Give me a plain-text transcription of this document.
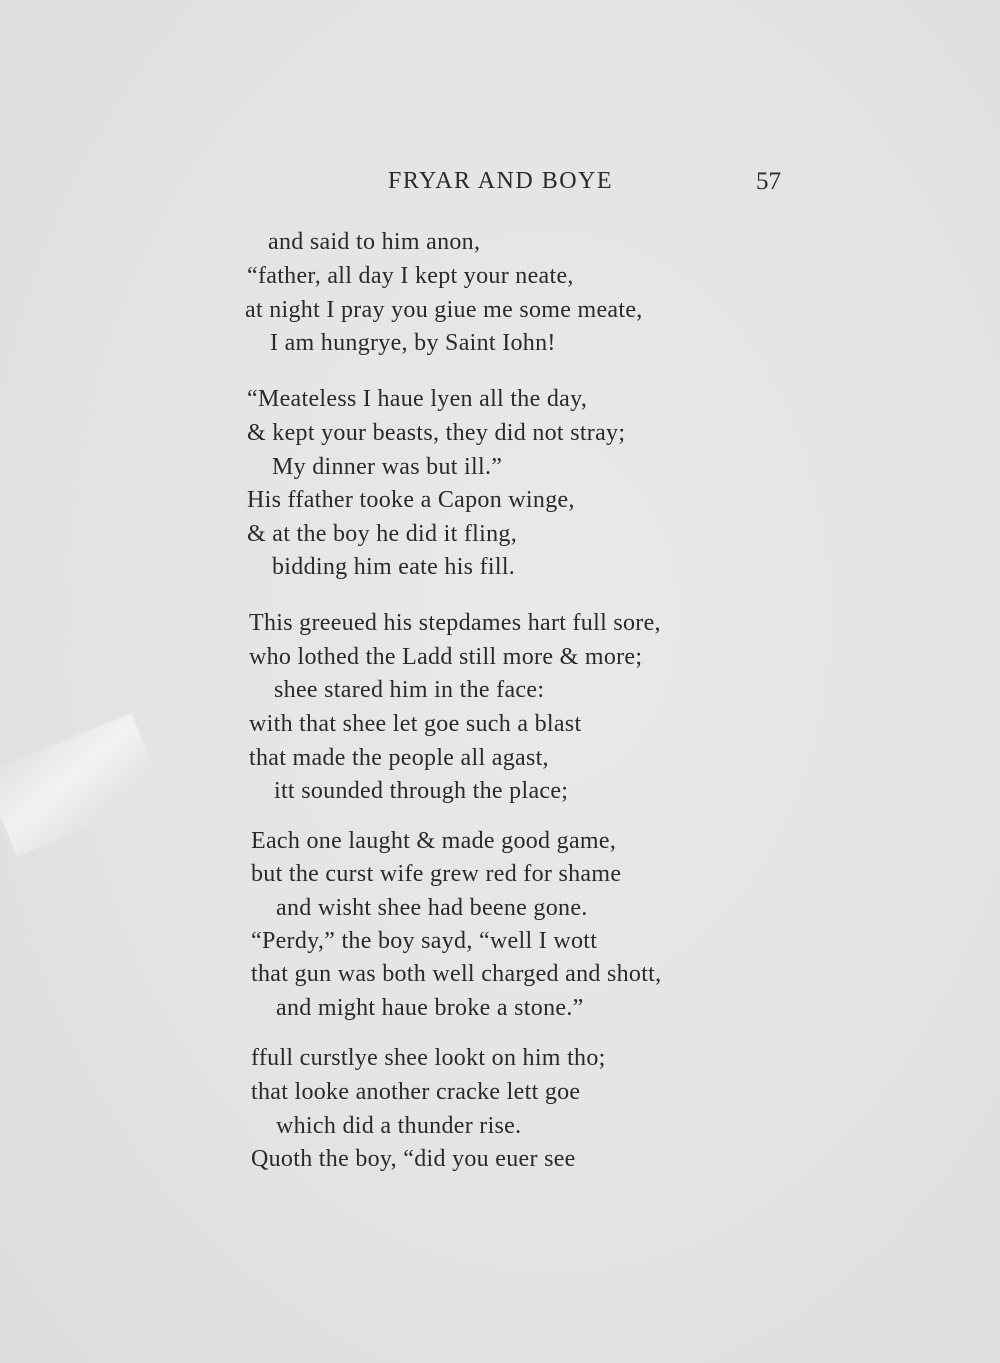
FRYAR AND BOYE	57
and said to him anon,
“father, all day I kept your neate,
at night I pray you giue me some meate,
I am hungrye, by Saint Iohn!
“Meateless I haue lyen all the day,
& kept your beasts, they did not stray;
My dinner was but ill.”
His ffather tooke a Capon winge,
& at the boy he did it fling,
bidding him eate his fill.
This greeued his stepdames hart full sore,
who lothed the Ladd still more & more;
shee stared him in the face:
with that shee let goe such a blast
that made the people all agast,
itt sounded through the place;
Each one laught & made good game,
but the curst wife grew red for shame
and wisht shee had beene gone.
“Perdy,” the boy sayd, “well I wott
that gun was both well charged and shott,
and might haue broke a stone.”
ffull curstlye shee lookt on him tho;
that looke another cracke lett goe
which did a thunder rise.
Quoth the boy, “did you euer see
